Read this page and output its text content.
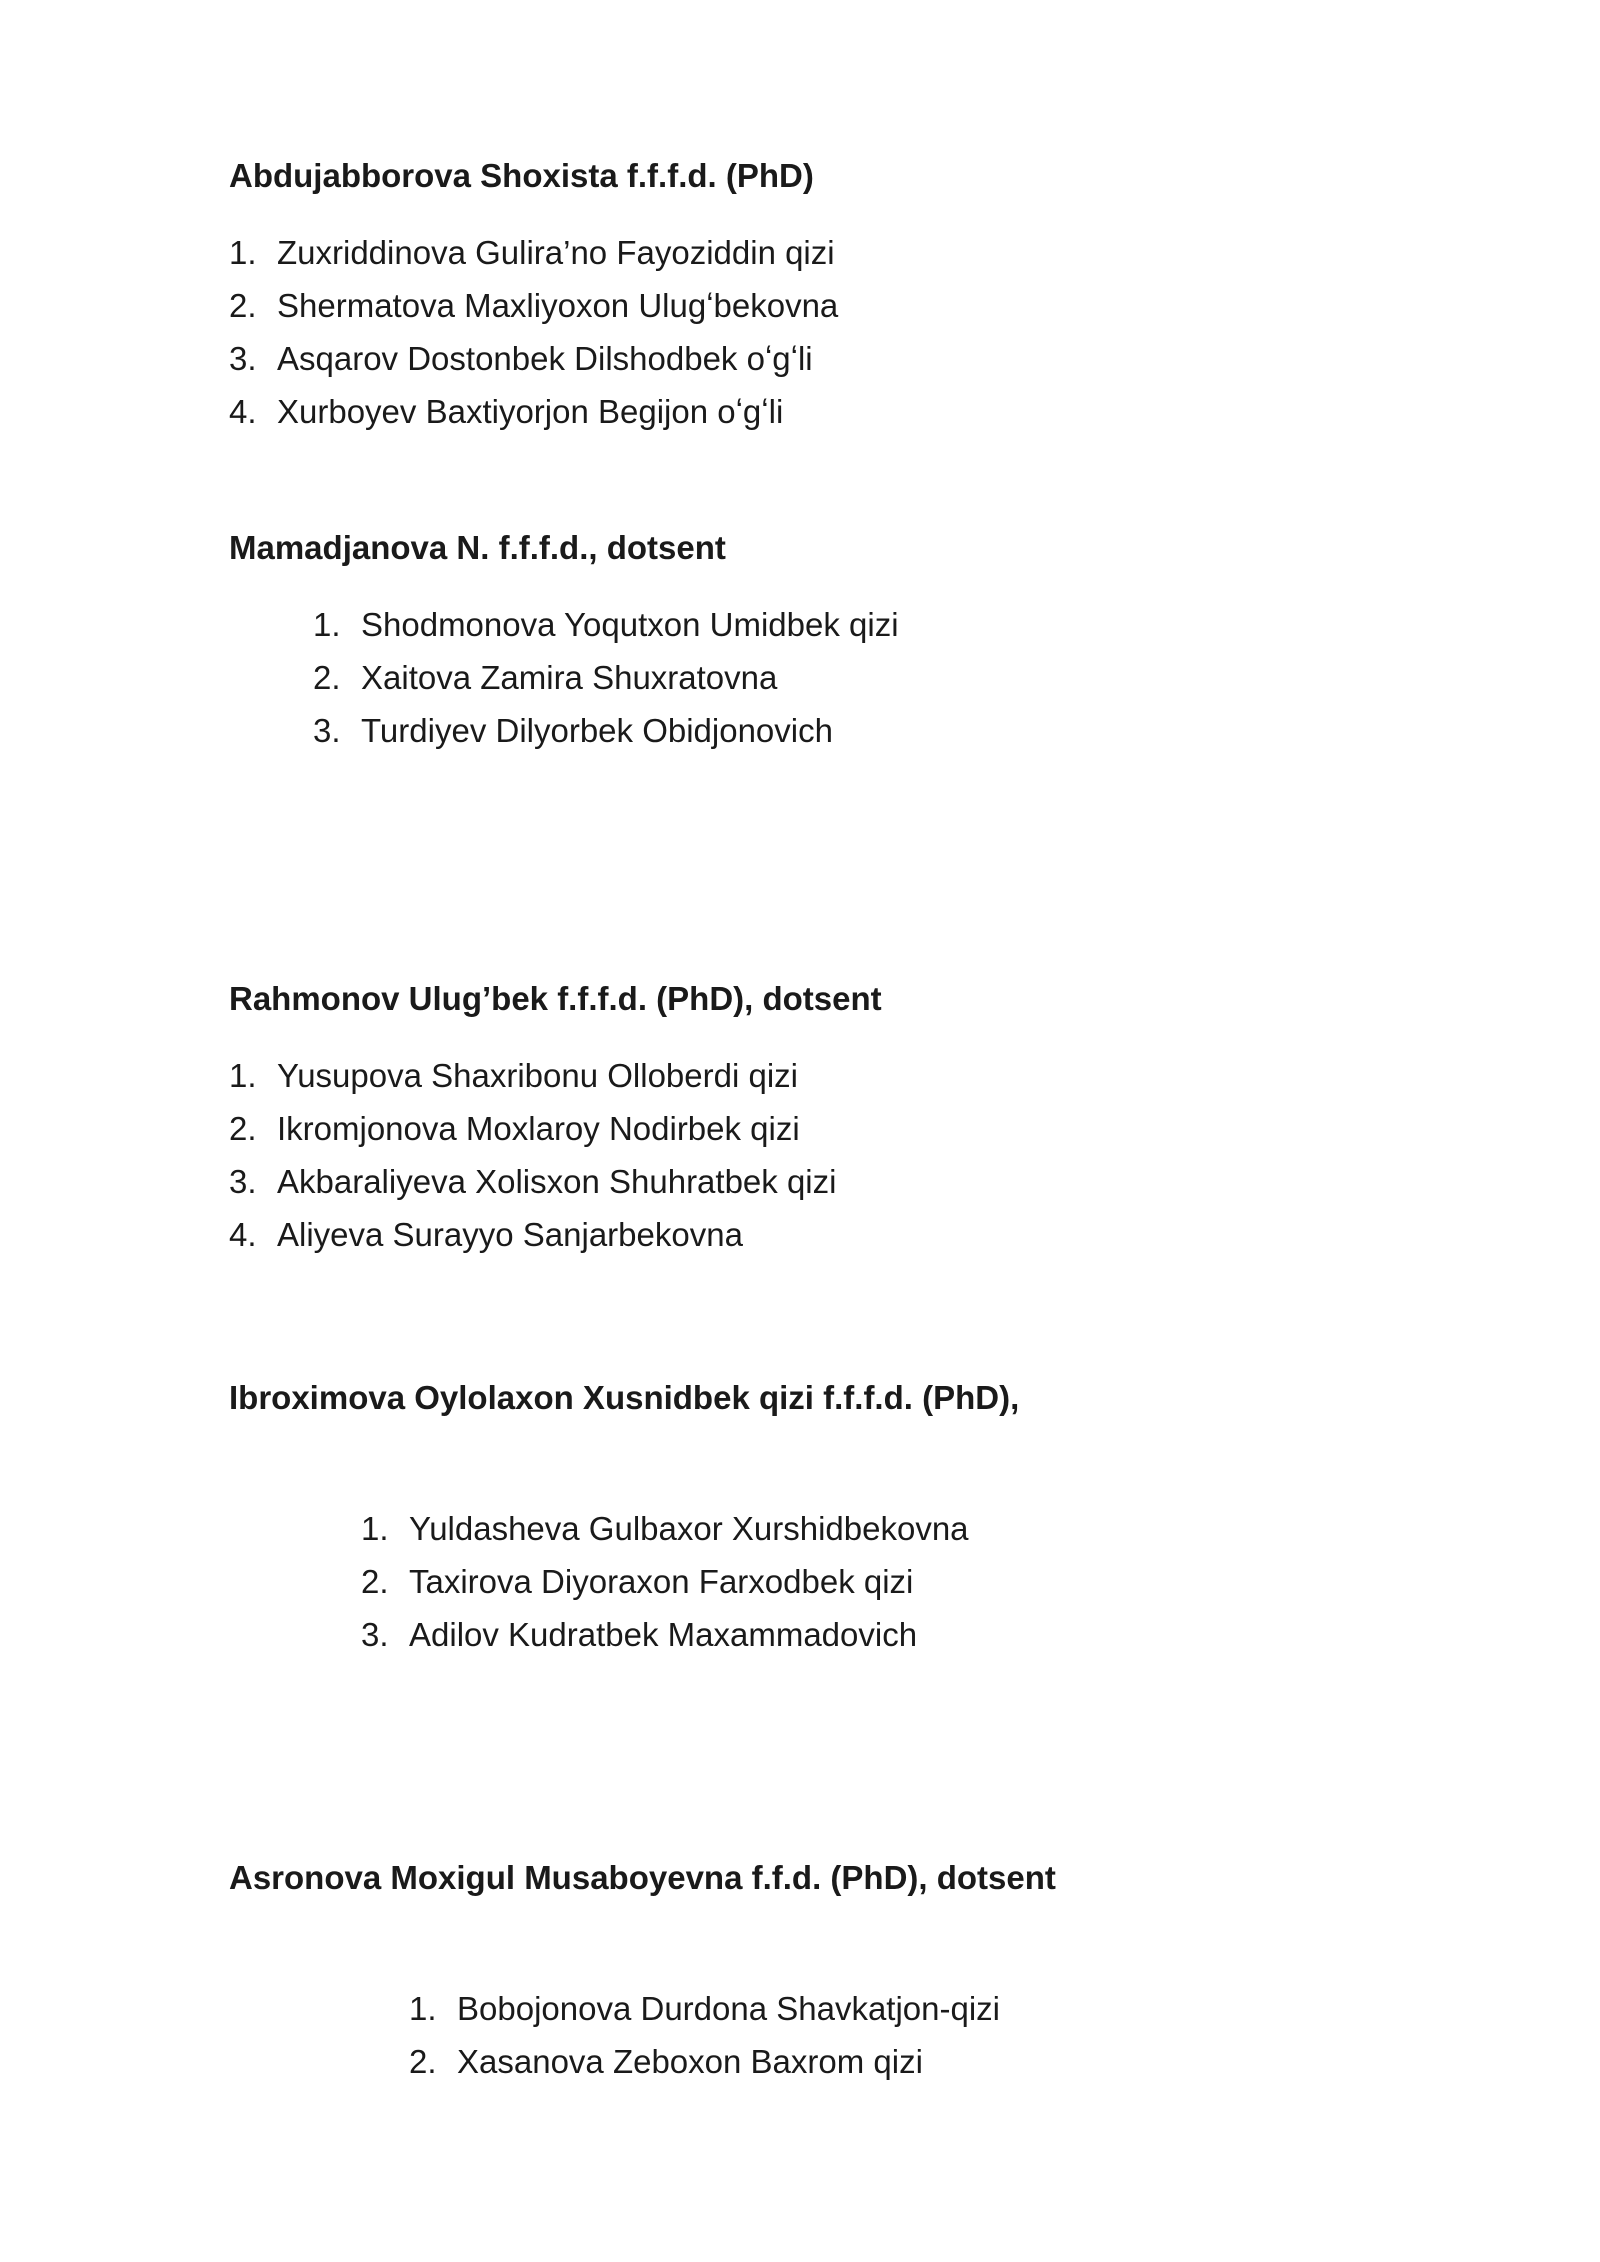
Abdujabborova Shoxista f.f.f.d. (PhD)
1. Zuxriddinova Gulira’no Fayoziddin qizi
2. Shermatova Maxliyoxon Ulugʻbekovna
3. Asqarov Dostonbek Dilshodbek oʻgʻli
4. Xurboyev Baxtiyorjon Begijon oʻgʻli
Mamadjanova N. f.f.f.d., dotsent
1. Shodmonova Yoqutxon Umidbek qizi
2. Xaitova Zamira Shuxratovna
3. Turdiyev Dilyorbek Obidjonovich
Rahmonov Ulug’bek f.f.f.d. (PhD), dotsent
1. Yusupova Shaxribonu Olloberdi qizi
2. Ikromjonova Moxlaroy Nodirbek qizi
3. Akbaraliyeva Xolisxon Shuhratbek qizi
4. Aliyeva Surayyo Sanjarbekovna
Ibroximova Oylolaxon Xusnidbek qizi f.f.f.d. (PhD),
1. Yuldasheva Gulbaxor Xurshidbekovna
2. Taxirova Diyoraxon Farxodbek qizi
3. Adilov Kudratbek Maxammadovich
Asronova Moxigul Musaboyevna f.f.d. (PhD), dotsent
1. Bobojonova Durdona Shavkatjon-qizi
2. Xasanova Zeboxon Baxrom qizi
